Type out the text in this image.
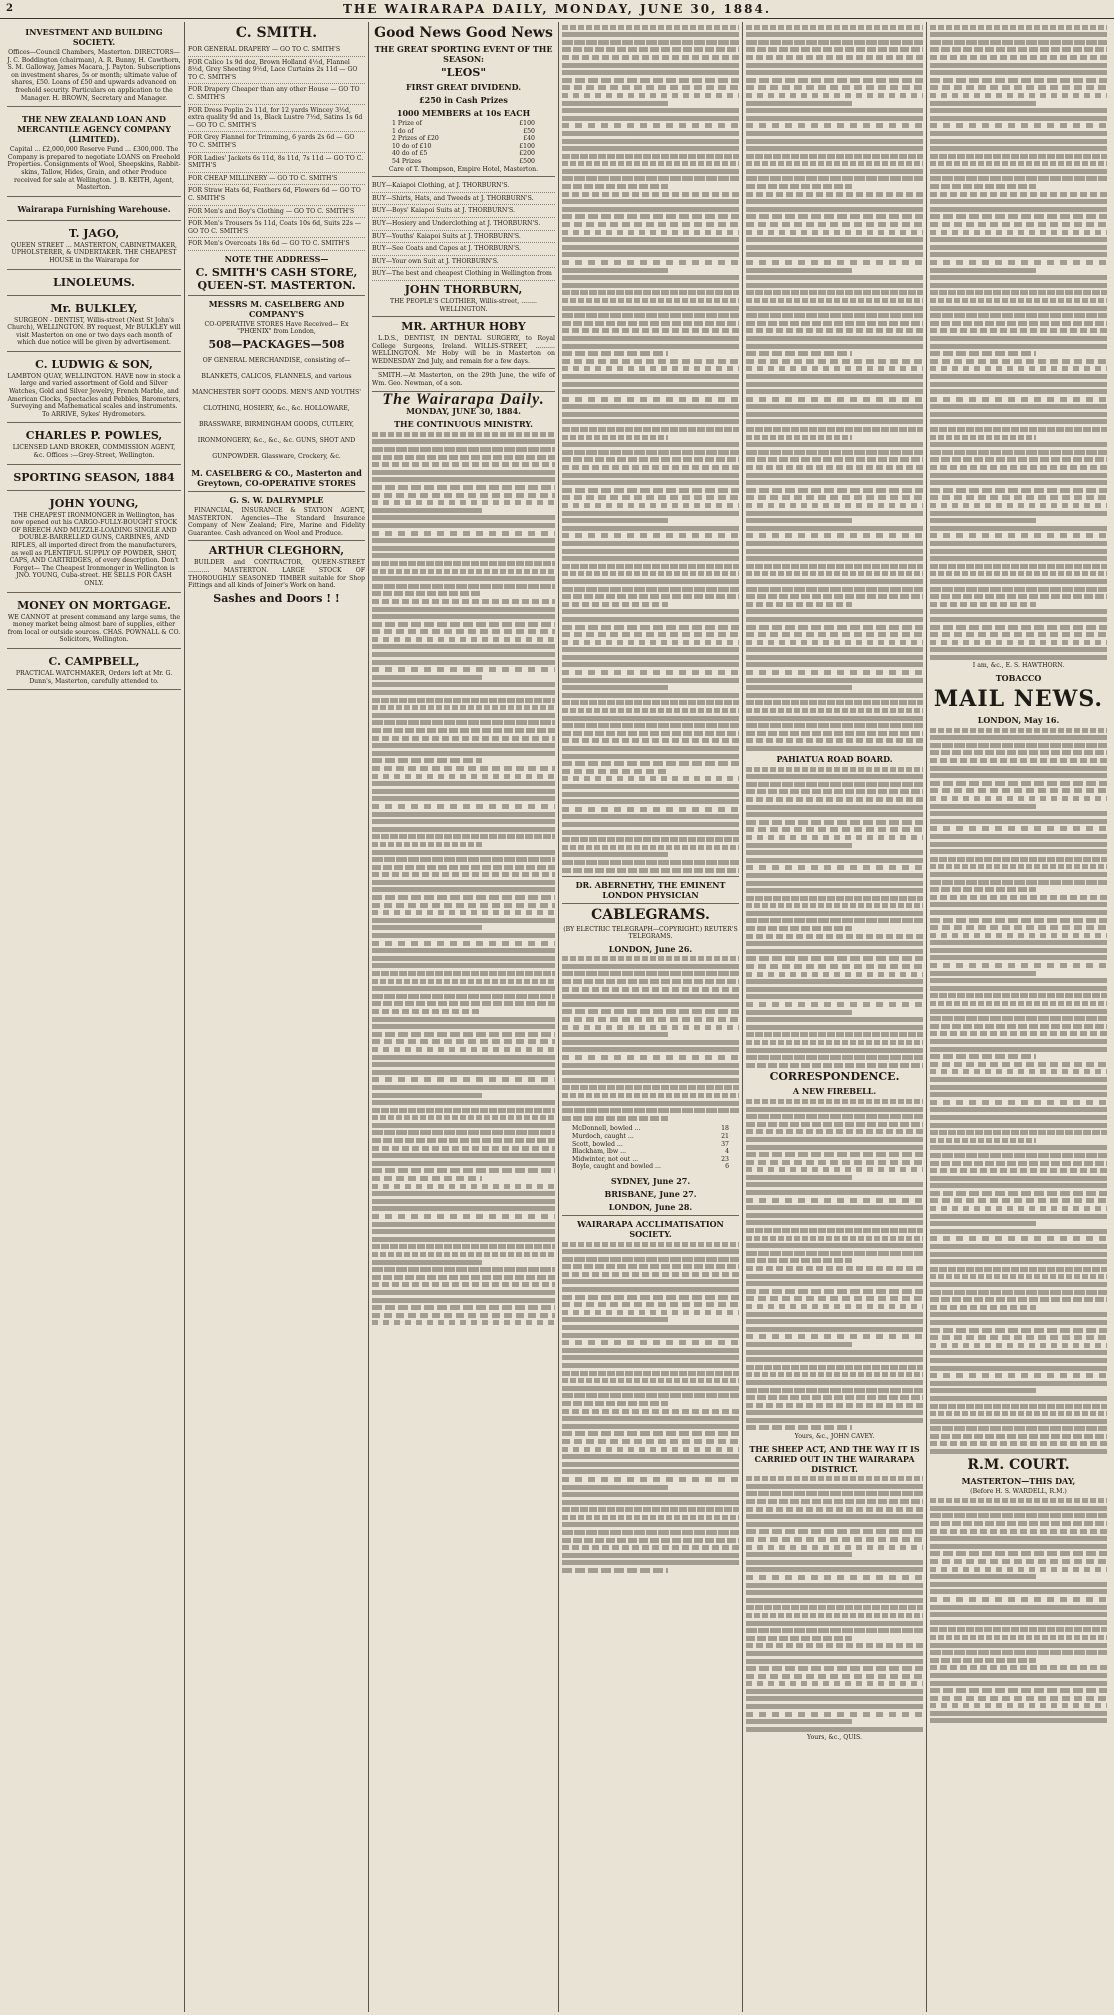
2	THE WAIRARAPA DAILY, MONDAY, JUNE 30, 1884.
INVESTMENT AND BUILDING SOCIETY.
Offices—Council Chambers, Masterton. DIRECTORS— J. C. Boddington (chairman), A. R. Bunny, H. Cawthorn, S. M. Galloway, James Macara, J. Payton. Subscriptions on investment shares, 5s or month; ultimate value of shares, £50. Loans of £50 and upwards advanced on freehold security. Particulars on application to the Manager. H. BROWN, Secretary and Manager.
THE NEW ZEALAND LOAN AND MERCANTILE AGENCY COMPANY (LIMITED).
Capital ... £2,000,000 Reserve Fund ... £300,000. The Company is prepared to negotiate LOANS on Freehold Properties. Consignments of Wool, Sheepskins, Rabbit-skins, Tallow, Hides, Grain, and other Produce received for sale at Wellington. J. B. KEITH, Agent, Masterton.
Wairarapa Furnishing Warehouse.
T. JAGO,
QUEEN STREET ... MASTERTON, CABINETMAKER, UPHOLSTERER, & UNDERTAKER. THE CHEAPEST HOUSE in the Wairarapa for
LINOLEUMS.
Mr. BULKLEY,
SURGEON - DENTIST, Willis-street (Next St John's Church), WELLINGTON. BY request, Mr BULKLEY will visit Masterton on one or two days each month of which due notice will be given by advertisement.
C. LUDWIG & SON,
LAMBTON QUAY, WELLINGTON. HAVE now in stock a large and varied assortment of Gold and Silver Watches, Gold and Silver Jewelry, French Marble, and American Clocks, Spectacles and Pebbles, Barometers, Surveying and Mathematical scales and instruments. To ARRIVE, Sykes' Hydrometers.
CHARLES P. POWLES,
LICENSED LAND BROKER, COMMISSION AGENT, &c. Offices :—Grey-Street, Wellington.
SPORTING SEASON, 1884
JOHN YOUNG,
THE CHEAPEST IRONMONGER in Wellington, has now opened out his CARGO-FULLY-BOUGHT STOCK OF BREECH AND MUZZLE-LOADING SINGLE AND DOUBLE-BARRELLED GUNS, CARBINES, AND RIFLES, all imported direct from the manufacturers, as well as PLENTIFUL SUPPLY OF POWDER, SHOT, CAPS, AND CARTRIDGES, of every description. Don't Forget— The Cheapest Ironmonger in Wellington is JNO. YOUNG, Cuba-street. HE SELLS FOR CASH ONLY.
MONEY ON MORTGAGE.
WE CANNOT at present command any large sums, the money market being almost bare of supplies, either from local or outside sources. CHAS. POWNALL & CO. Solicitors, Wellington.
C. CAMPBELL,
PRACTICAL WATCHMAKER, Orders left at Mr. G. Dunn's, Masterton, carefully attended to.
C. SMITH.
FOR GENERAL DRAPERY — GO TO C. SMITH'S
FOR Calico 1s 9d doz, Brown Holland 4½d, Flannel 8½d, Grey Sheeting 9½d, Lace Curtains 2s 11d — GO TO C. SMITH'S
FOR Drapery Cheaper than any other House — GO TO C. SMITH'S
FOR Dress Poplin 2s 11d, for 12 yards Wincey 3½d, extra quality 9d and 1s, Black Lustre 7½d, Satins 1s 6d — GO TO C. SMITH'S
FOR Grey Flannel for Trimming, 6 yards 2s 6d — GO TO C. SMITH'S
FOR Ladies' Jackets 6s 11d, 8s 11d, 7s 11d — GO TO C. SMITH'S
FOR CHEAP MILLINERY — GO TO C. SMITH'S
FOR Straw Hats 6d, Feathers 6d, Flowers 6d — GO TO C. SMITH'S
FOR Men's and Boy's Clothing — GO TO C. SMITH'S
FOR Men's Trousers 5s 11d, Coats 10s 6d, Suits 22s — GO TO C. SMITH'S
FOR Men's Overcoats 18s 6d — GO TO C. SMITH'S
NOTE THE ADDRESS—
C. SMITH'S CASH STORE, QUEEN-ST. MASTERTON.
MESSRS M. CASELBERG AND COMPANY'S
CO-OPERATIVE STORES Have Received— Ex "PHŒNIX" from London,
508—PACKAGES—508
OF GENERAL MERCHANDISE, consisting of— BLANKETS, CALICOS, FLANNELS, and various MANCHESTER SOFT GOODS. MEN'S AND YOUTHS' CLOTHING, HOSIERY, &c., &c. HOLLOWARE, BRASSWARE, BIRMINGHAM GOODS, CUTLERY, IRONMONGERY, &c., &c., &c. GUNS, SHOT AND GUNPOWDER. Glassware, Crockery, &c.
M. CASELBERG & CO., Masterton and Greytown, CO-OPERATIVE STORES
G. S. W. DALRYMPLE
FINANCIAL, INSURANCE & STATION AGENT, MASTERTON. Agencies—The Standard Insurance Company of New Zealand; Fire, Marine and Fidelity Guarantee. Cash advanced on Wool and Produce.
ARTHUR CLEGHORN,
BUILDER and CONTRACTOR, QUEEN-STREET ........... MASTERTON. LARGE STOCK OF THOROUGHLY SEASONED TIMBER suitable for Shop Fittings and all kinds of Joiner's Work on hand.
Sashes and Doors ! !
Good News Good News
THE GREAT SPORTING EVENT OF THE SEASON:
"LEOS"
FIRST GREAT DIVIDEND.
£250 in Cash Prizes
1000 MEMBERS at 10s EACH
1 Prize of	£100
1 do of	£50
2 Prizes of £20	£40
10 do of £10	£100
40 do of £5	£200
54 Prizes	£500
Care of T. Thompson, Empire Hotel, Masterton.
BUY—Kaiapoi Clothing, at J. THORBURN'S.
BUY—Shirts, Hats, and Tweeds at J. THORBURN'S.
BUY—Boys' Kaiapoi Suits at J. THORBURN'S.
BUY—Hosiery and Underclothing at J. THORBURN'S.
BUY—Youths' Kaiapoi Suits at J. THORBURN'S.
BUY—See Coats and Capes at J. THORBURN'S.
BUY—Your own Suit at J. THORBURN'S.
BUY—The best and cheapest Clothing in Wellington from
JOHN THORBURN,
THE PEOPLE'S CLOTHIER, Willis-street, ........ WELLINGTON.
MR. ARTHUR HOBY
L.D.S., DENTIST, IN DENTAL SURGERY, to Royal College Surgeons, Ireland. WILLIS-STREET, .......... WELLINGTON. Mr Hoby will be in Masterton on WEDNESDAY 2nd July, and remain for a few days.
SMITH.—At Masterton, on the 29th June, the wife of Wm. Geo. Newman, of a son.
The Wairarapa Daily.
MONDAY, JUNE 30, 1884.
THE CONTINUOUS MINISTRY.
DR. ABERNETHY, THE EMINENT LONDON PHYSICIAN
CABLEGRAMS.
(BY ELECTRIC TELEGRAPH—COPYRIGHT.) REUTER'S TELEGRAMS.
LONDON, June 26.
McDonnell, bowled ...	18
Murdoch, caught ...	21
Scott, bowled ...	37
Blackham, lbw ...	4
Midwinter, not out ...	23
Boyle, caught and bowled ...	6
SYDNEY, June 27.
BRISBANE, June 27.
LONDON, June 28.
WAIRARAPA ACCLIMATISATION SOCIETY.
PAHIATUA ROAD BOARD.
CORRESPONDENCE.
A NEW FIREBELL.
Yours, &c., JOHN CAVEY.
THE SHEEP ACT, AND THE WAY IT IS CARRIED OUT IN THE WAIRARAPA DISTRICT.
Yours, &c., QUIS.
I am, &c., E. S. HAWTHORN.
TOBACCO
MAIL NEWS.
LONDON, May 16.
R.M. COURT.
MASTERTON—THIS DAY,
(Before H. S. WARDELL, R.M.)
